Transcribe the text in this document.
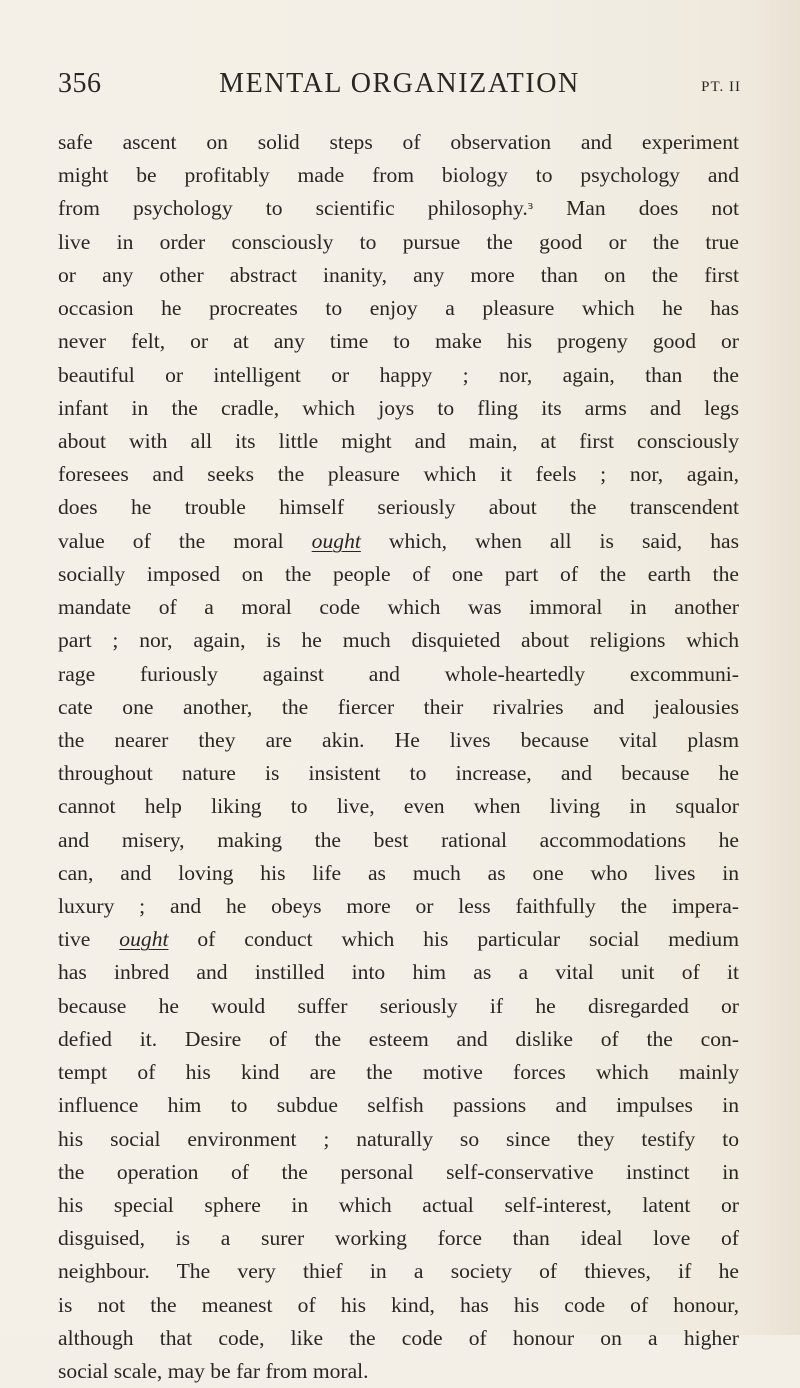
356	MENTAL ORGANIZATION	PT. II

safe ascent on solid steps of observation and experiment
might be profitably made from biology to psychology and
from psychology to scientific philosophy.ᶟ Man does not
live in order consciously to pursue the good or the true
or any other abstract inanity, any more than on the first
occasion he procreates to enjoy a pleasure which he has
never felt, or at any time to make his progeny good or
beautiful or intelligent or happy ; nor, again, than the
infant in the cradle, which joys to fling its arms and legs
about with all its little might and main, at first consciously
foresees and seeks the pleasure which it feels ; nor, again,
does he trouble himself seriously about the transcendent
value of the moral ought which, when all is said, has
socially imposed on the people of one part of the earth the
mandate of a moral code which was immoral in another
part ; nor, again, is he much disquieted about religions which
rage furiously against and whole-heartedly excommuni-
cate one another, the fiercer their rivalries and jealousies
the nearer they are akin. He lives because vital plasm
throughout nature is insistent to increase, and because he
cannot help liking to live, even when living in squalor
and misery, making the best rational accommodations he
can, and loving his life as much as one who lives in
luxury ; and he obeys more or less faithfully the impera-
tive ought of conduct which his particular social medium
has inbred and instilled into him as a vital unit of it
because he would suffer seriously if he disregarded or
defied it. Desire of the esteem and dislike of the con-
tempt of his kind are the motive forces which mainly
influence him to subdue selfish passions and impulses in
his social environment ; naturally so since they testify to
the operation of the personal self-conservative instinct in
his special sphere in which actual self-interest, latent or
disguised, is a surer working force than ideal love of
neighbour. The very thief in a society of thieves, if he
is not the meanest of his kind, has his code of honour,
although that code, like the code of honour on a higher
social scale, may be far from moral.
